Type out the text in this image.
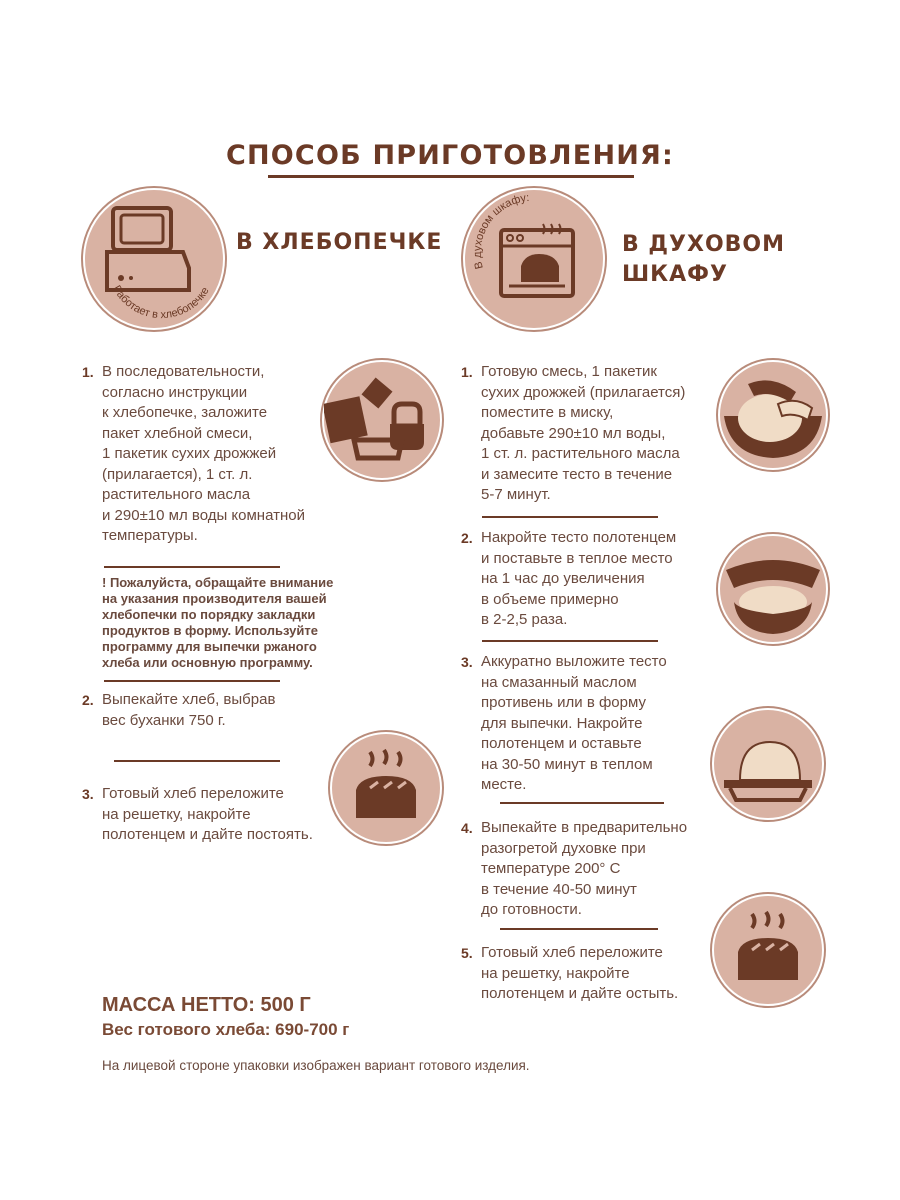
СПОСОБ ПРИГОТОВЛЕНИЯ:
Работает в хлебопечке
В ХЛЕБОПЕЧКЕ
В духовом шкафу:
В ДУХОВОМ
ШКАФУ
1. В последовательности,
согласно инструкции
к хлебопечке, заложите
пакет хлебной смеси,
1 пакетик сухих дрожжей
(прилагается), 1 ст. л.
растительного масла
и 290±10 мл воды комнатной
температуры.
! Пожалуйста, обращайте внимание
на указания производителя вашей
хлебопечки по порядку закладки
продуктов в форму. Используйте
программу для выпечки ржаного
хлеба или основную программу.
2. Выпекайте хлеб, выбрав
вес буханки 750 г.
3. Готовый хлеб переложите
на решетку, накройте
полотенцем и дайте постоять.
1. Готовую смесь, 1 пакетик
сухих дрожжей (прилагается)
поместите в миску,
добавьте 290±10 мл воды,
1 ст. л. растительного масла
и замесите тесто в течение
5-7 минут.
2. Накройте тесто полотенцем
и поставьте в теплое место
на 1 час до увеличения
в объеме примерно
в 2-2,5 раза.
3. Аккуратно выложите тесто
на смазанный маслом
противень или в форму
для выпечки. Накройте
полотенцем и оставьте
на 30-50 минут в теплом
месте.
4. Выпекайте в предварительно
разогретой духовке при
температуре 200° С
в течение 40-50 минут
до готовности.
5. Готовый хлеб переложите
на решетку, накройте
полотенцем и дайте остыть.
МАССА НЕТТО: 500 Г
Вес готового хлеба: 690-700 г
На лицевой стороне упаковки изображен вариант готового изделия.
